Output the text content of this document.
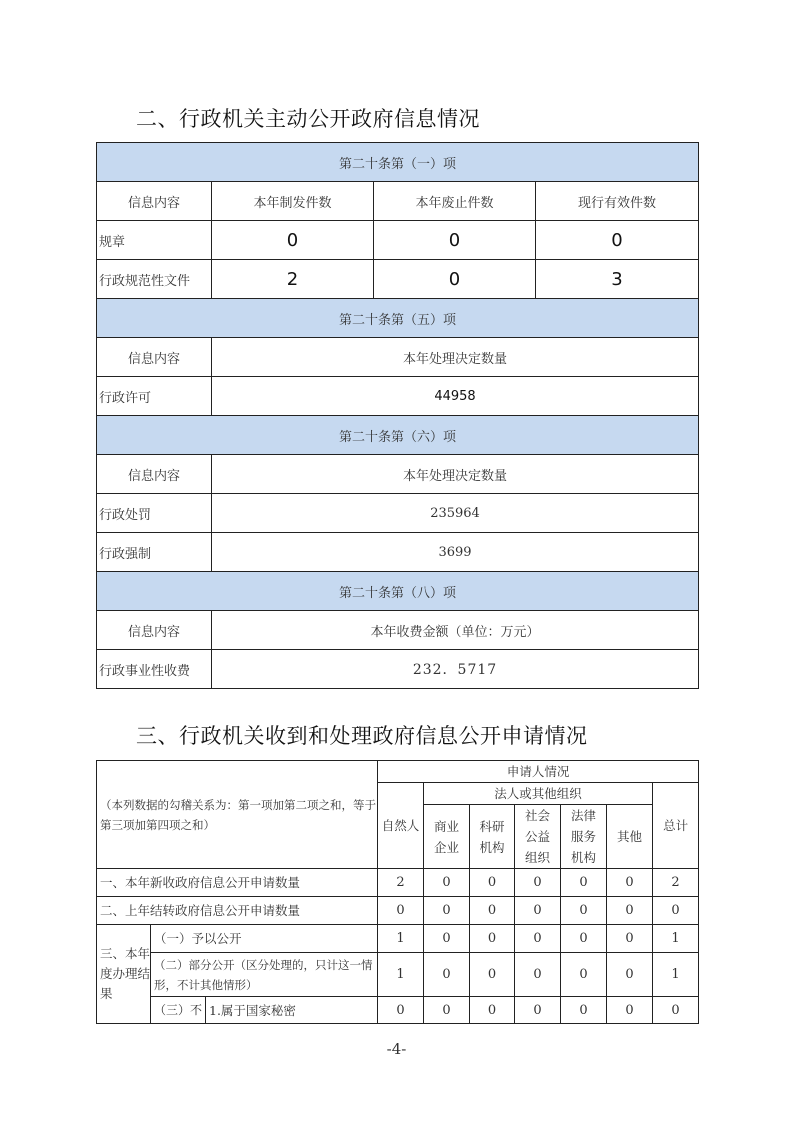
二、行政机关主动公开政府信息情况
第二十条第（一）项			
信息内容	本年制发件数	本年废止件数	现行有效件数
规章	0	0	0
行政规范性文件	2	0	3
第二十条第（五）项			
信息内容	本年处理决定数量		
行政许可	44958		
第二十条第（六）项			
信息内容	本年处理决定数量		
行政处罚	235964		
行政强制	3699		
第二十条第（八）项			
信息内容	本年收费金额（单位：万元）		
行政事业性收费	232．5717		
三、行政机关收到和处理政府信息公开申请情况
（本列数据的勾稽关系为：第一项加第二项之和，等于第三项加第四项之和）			申请人情况						
			自然人	法人或其他组织					总计
				商业企业	科研机构	社会公益组织	法律服务机构	其他	
一、本年新收政府信息公开申请数量			2	0	0	0	0	0	2
二、上年结转政府信息公开申请数量			0	0	0	0	0	0	0
三、本年度办理结果	（一）予以公开		1	0	0	0	0	0	1
	（二）部分公开（区分处理的，只计这一情形，不计其他情形）		1	0	0	0	0	0	1
	（三）不	1.属于国家秘密	0	0	0	0	0	0	0
-4-
